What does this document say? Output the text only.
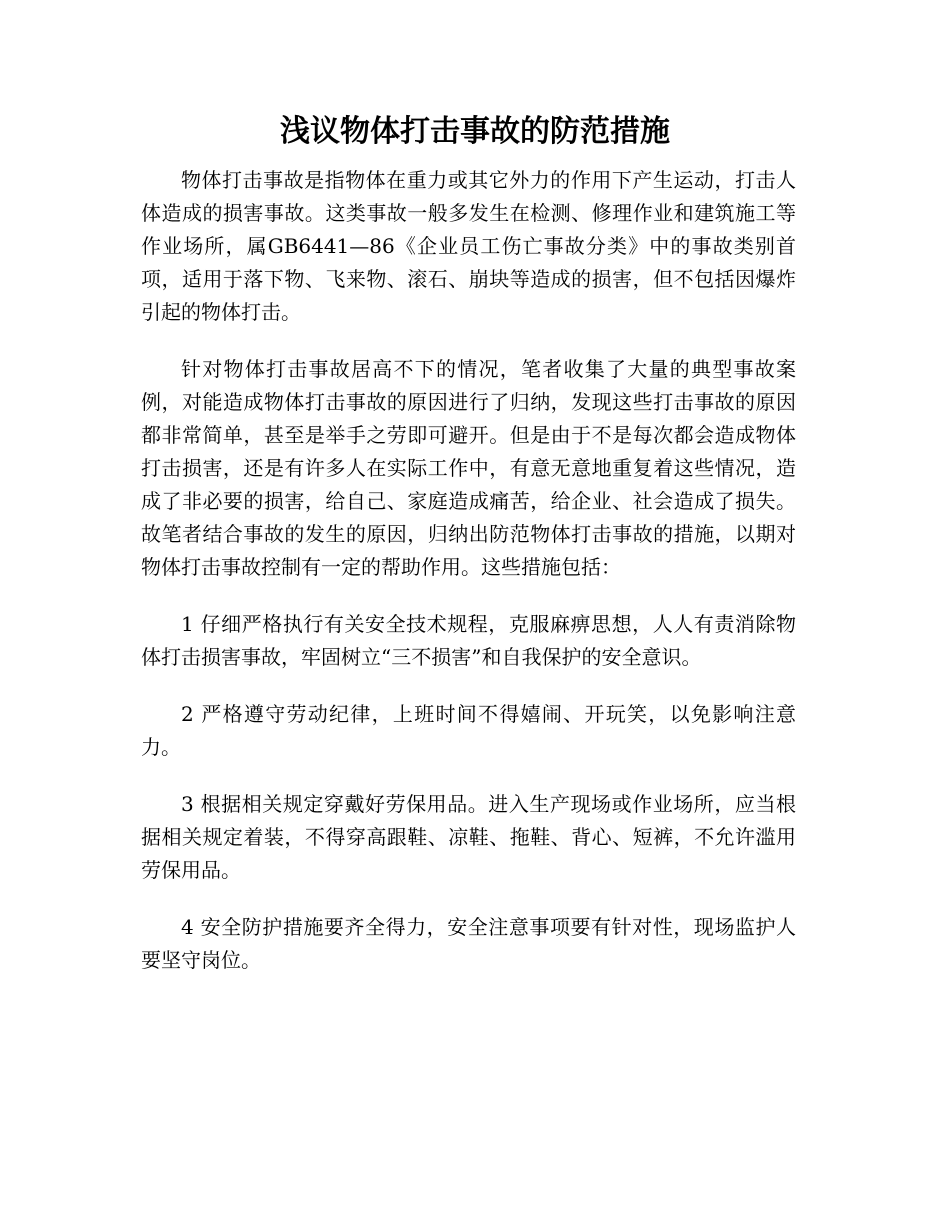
浅议物体打击事故的防范措施

物体打击事故是指物体在重力或其它外力的作用下产生运动，打击人体造成的损害事故。这类事故一般多发生在检测、修理作业和建筑施工等作业场所，属GB6441—86《企业员工伤亡事故分类》中的事故类别首项，适用于落下物、飞来物、滚石、崩块等造成的损害，但不包括因爆炸引起的物体打击。

针对物体打击事故居高不下的情况，笔者收集了大量的典型事故案例，对能造成物体打击事故的原因进行了归纳，发现这些打击事故的原因都非常简单，甚至是举手之劳即可避开。但是由于不是每次都会造成物体打击损害，还是有许多人在实际工作中，有意无意地重复着这些情况，造成了非必要的损害，给自己、家庭造成痛苦，给企业、社会造成了损失。故笔者结合事故的发生的原因，归纳出防范物体打击事故的措施，以期对物体打击事故控制有一定的帮助作用。这些措施包括：

1 仔细严格执行有关安全技术规程，克服麻痹思想，人人有责消除物体打击损害事故，牢固树立“三不损害”和自我保护的安全意识。

2 严格遵守劳动纪律，上班时间不得嬉闹、开玩笑，以免影响注意力。

3 根据相关规定穿戴好劳保用品。进入生产现场或作业场所，应当根据相关规定着装，不得穿高跟鞋、凉鞋、拖鞋、背心、短裤，不允许滥用劳保用品。

4 安全防护措施要齐全得力，安全注意事项要有针对性，现场监护人要坚守岗位。
